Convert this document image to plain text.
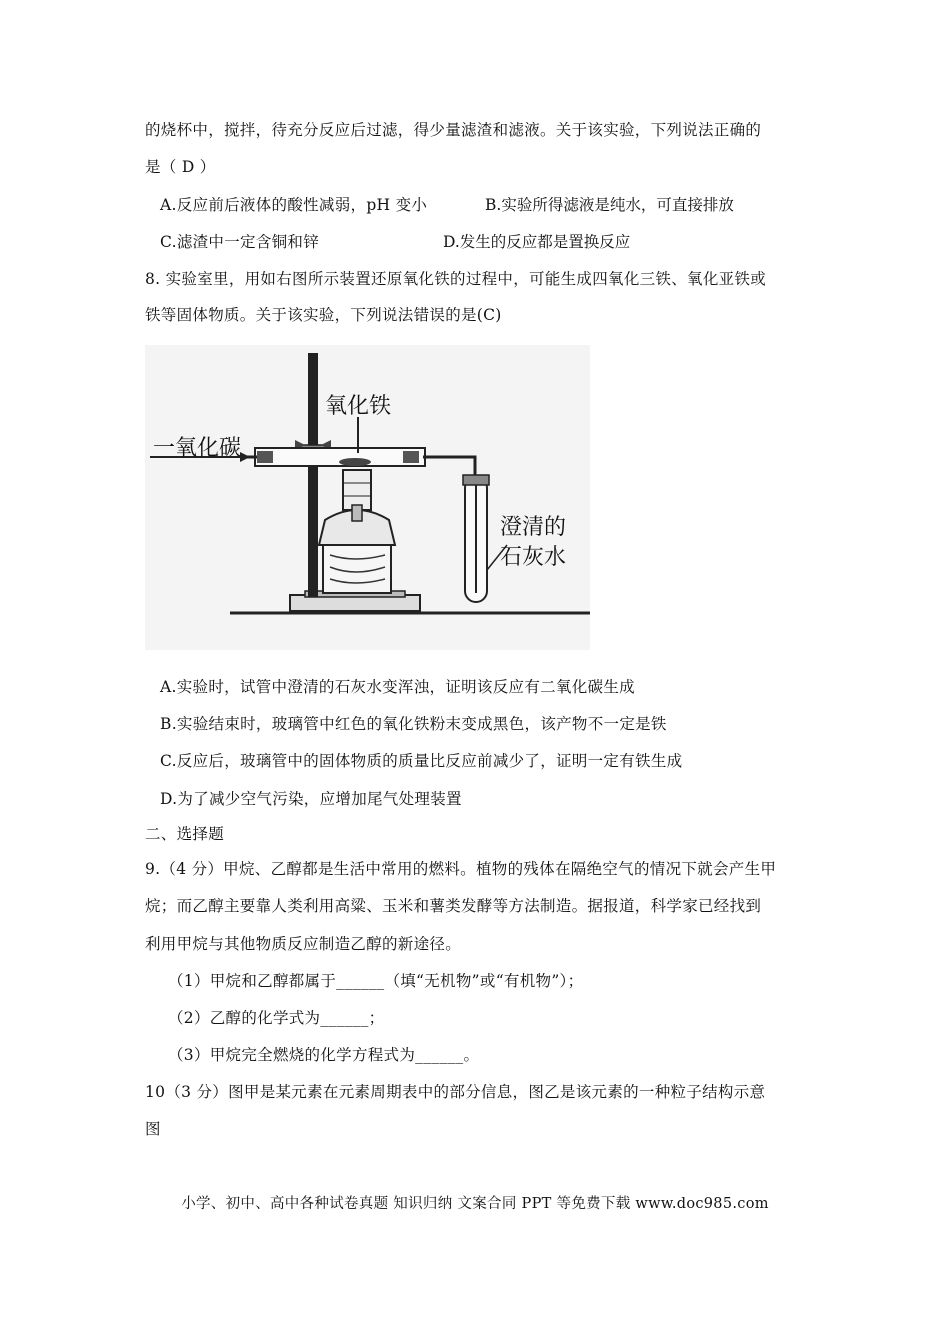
的烧杯中，搅拌，待充分反应后过滤，得少量滤渣和滤液。关于该实验，下列说法正确的
是（ D ）
A.反应前后液体的酸性减弱，pH 变小	B.实验所得滤液是纯水，可直接排放
C.滤渣中一定含铜和锌	D.发生的反应都是置换反应
8. 实验室里，用如右图所示装置还原氧化铁的过程中，可能生成四氧化三铁、氧化亚铁或
铁等固体物质。关于该实验，下列说法错误的是(C)
一氧化碳
氧化铁
澄清的
石灰水
A.实验时，试管中澄清的石灰水变浑浊，证明该反应有二氧化碳生成
B.实验结束时，玻璃管中红色的氧化铁粉末变成黑色，该产物不一定是铁
C.反应后，玻璃管中的固体物质的质量比反应前减少了，证明一定有铁生成
D.为了减少空气污染，应增加尾气处理装置
二、选择题
9.（4 分）甲烷、乙醇都是生活中常用的燃料。植物的残体在隔绝空气的情况下就会产生甲
烷；而乙醇主要靠人类利用高粱、玉米和薯类发酵等方法制造。据报道，科学家已经找到
利用甲烷与其他物质反应制造乙醇的新途径。
（1）甲烷和乙醇都属于______（填“无机物”或“有机物”）；
（2）乙醇的化学式为______；
（3）甲烷完全燃烧的化学方程式为______。
10（3 分）图甲是某元素在元素周期表中的部分信息，图乙是该元素的一种粒子结构示意
图
小学、初中、高中各种试卷真题 知识归纳 文案合同 PPT 等免费下载 www.doc985.com
